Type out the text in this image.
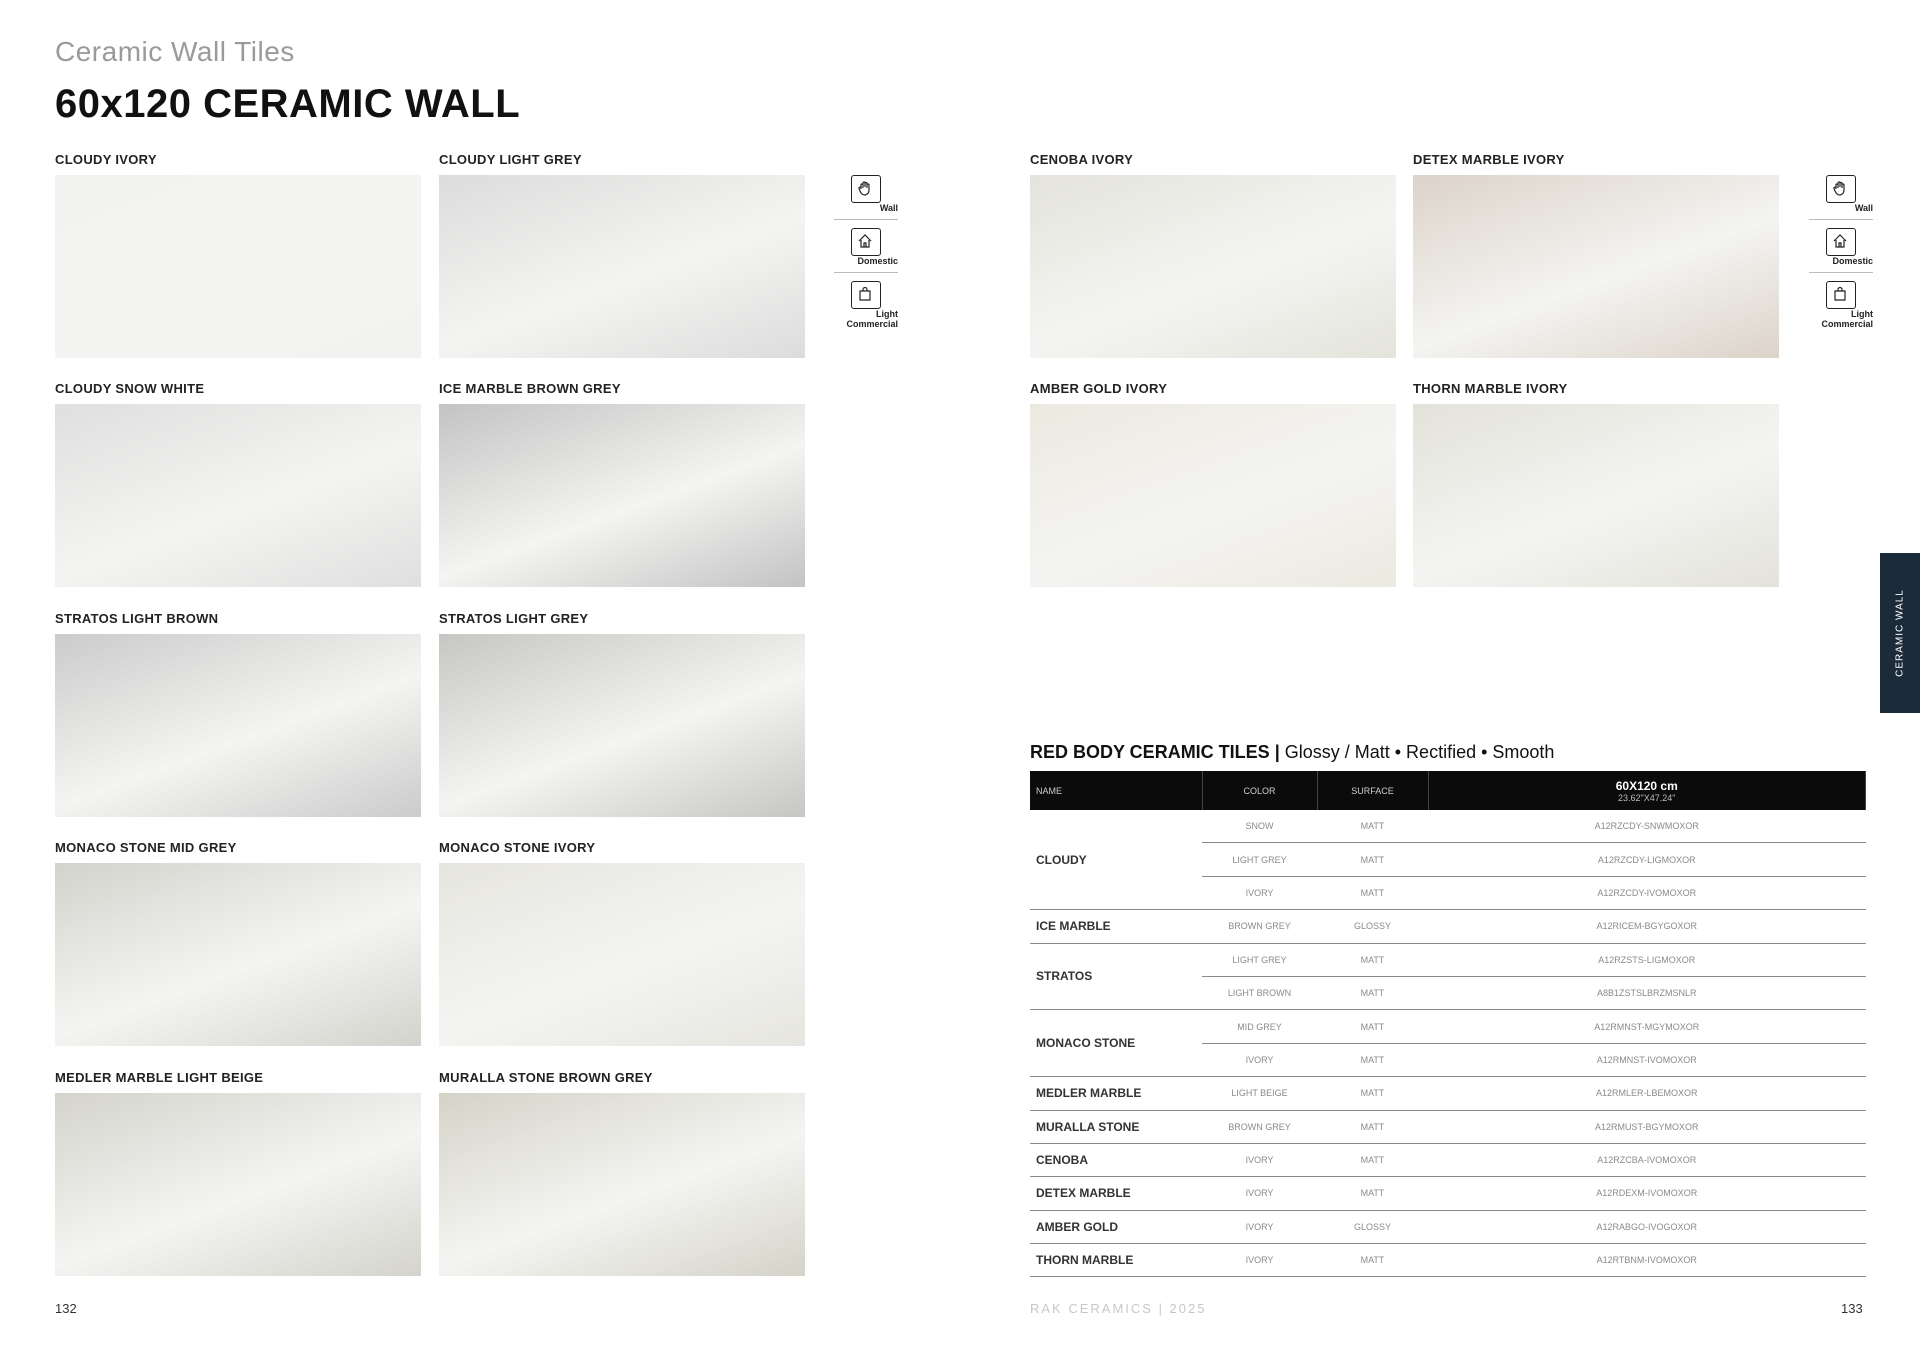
Ceramic Wall Tiles
60x120 CERAMIC WALL
CLOUDY IVORY	CLOUDY LIGHT GREY
CLOUDY SNOW WHITE	ICE MARBLE BROWN GREY
STRATOS LIGHT BROWN	STRATOS LIGHT GREY
MONACO STONE MID GREY	MONACO STONE IVORY
MEDLER MARBLE LIGHT BEIGE	MURALLA STONE BROWN GREY
CENOBA IVORY	DETEX MARBLE IVORY
AMBER GOLD IVORY	THORN MARBLE IVORY
Wall
Domestic
Light Commercial
Wall
Domestic
Light Commercial
CERAMIC WALL
RED BODY CERAMIC TILES | Glossy / Matt • Rectified • Smooth
NAME	COLOR	SURFACE	60X120 cm
23.62"X47.24"

CLOUDY	SNOW	MATT	A12RZCDY-SNWMOXOR
	LIGHT GREY	MATT	A12RZCDY-LIGMOXOR
	IVORY	MATT	A12RZCDY-IVOMOXOR
ICE MARBLE	BROWN GREY	GLOSSY	A12RICEM-BGYGOXOR
STRATOS	LIGHT GREY	MATT	A12RZSTS-LIGMOXOR
	LIGHT BROWN	MATT	A8B1ZSTSLBRZMSNLR
MONACO STONE	MID GREY	MATT	A12RMNST-MGYMOXOR
	IVORY	MATT	A12RMNST-IVOMOXOR
MEDLER MARBLE	LIGHT BEIGE	MATT	A12RMLER-LBEMOXOR
MURALLA STONE	BROWN GREY	MATT	A12RMUST-BGYMOXOR
CENOBA	IVORY	MATT	A12RZCBA-IVOMOXOR
DETEX MARBLE	IVORY	MATT	A12RDEXM-IVOMOXOR
AMBER GOLD	IVORY	GLOSSY	A12RABGO-IVOGOXOR
THORN MARBLE	IVORY	MATT	A12RTBNM-IVOMOXOR
132	RAK CERAMICS | 2025	133
